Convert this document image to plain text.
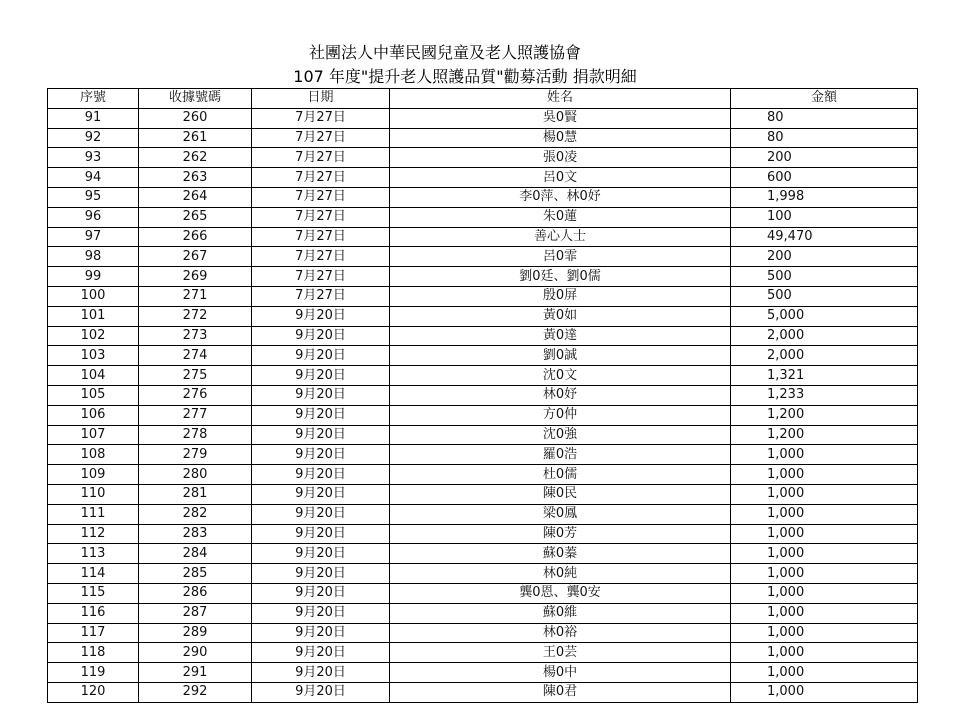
社團法人中華民國兒童及老人照護協會
107 年度"提升老人照護品質"勸募活動 捐款明細
序號	收據號碼	日期	姓名	金額
91	260	7月27日	吳0賢	80
92	261	7月27日	楊0慧	80
93	262	7月27日	張0凌	200
94	263	7月27日	呂0文	600
95	264	7月27日	李0萍、林0妤	1,998
96	265	7月27日	朱0蓮	100
97	266	7月27日	善心人士	49,470
98	267	7月27日	呂0霏	200
99	269	7月27日	劉0廷、劉0儒	500
100	271	7月27日	殷0屏	500
101	272	9月20日	黃0如	5,000
102	273	9月20日	黃0達	2,000
103	274	9月20日	劉0誠	2,000
104	275	9月20日	沈0文	1,321
105	276	9月20日	林0妤	1,233
106	277	9月20日	方0仲	1,200
107	278	9月20日	沈0強	1,200
108	279	9月20日	羅0浩	1,000
109	280	9月20日	杜0儒	1,000
110	281	9月20日	陳0民	1,000
111	282	9月20日	梁0鳳	1,000
112	283	9月20日	陳0芳	1,000
113	284	9月20日	蘇0蓁	1,000
114	285	9月20日	林0純	1,000
115	286	9月20日	龔0恩、龔0安	1,000
116	287	9月20日	蘇0維	1,000
117	289	9月20日	林0裕	1,000
118	290	9月20日	王0芸	1,000
119	291	9月20日	楊0中	1,000
120	292	9月20日	陳0君	1,000
